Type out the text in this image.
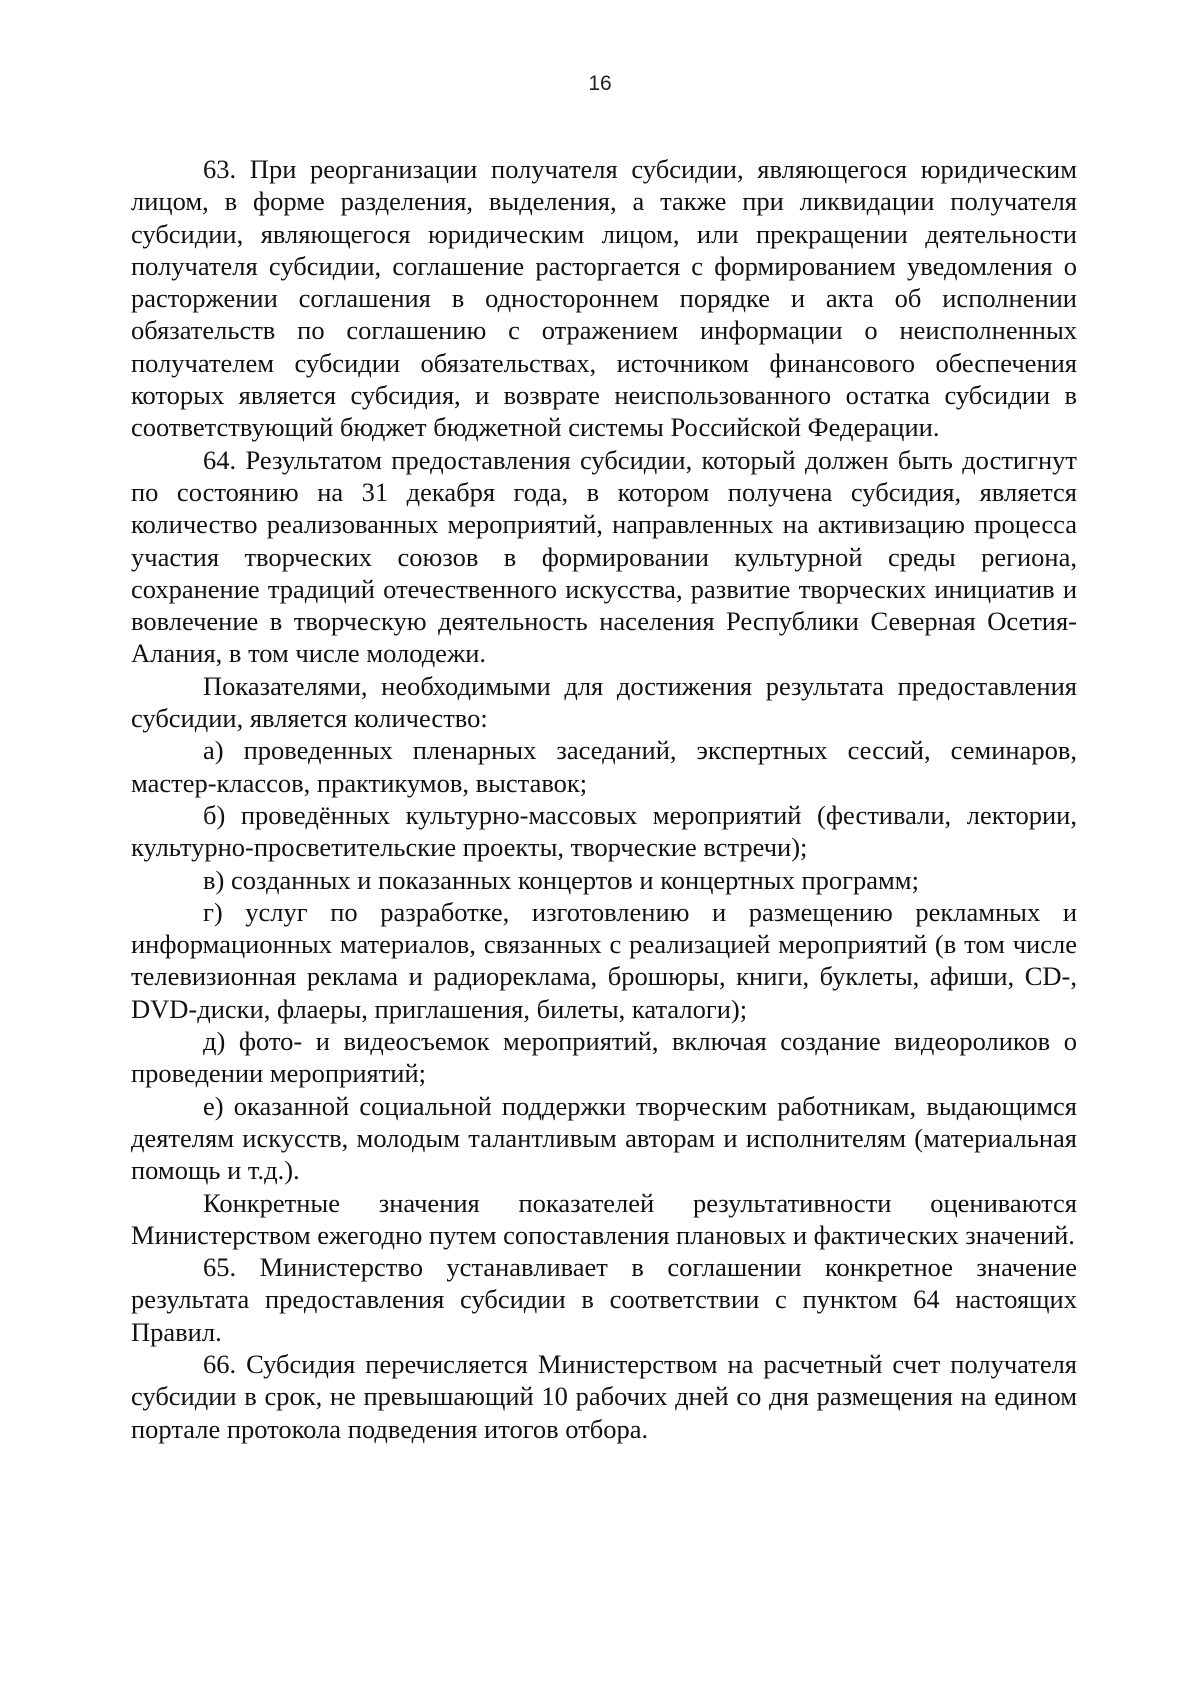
16

63. При реорганизации получателя субсидии, являющегося юридическим лицом, в форме разделения, выделения, а также при ликвидации получателя субсидии, являющегося юридическим лицом, или прекращении деятельности получателя субсидии, соглашение расторгается с формированием уведомления о расторжении соглашения в одностороннем порядке и акта об исполнении обязательств по соглашению с отражением информации о неисполненных получателем субсидии обязательствах, источником финансового обеспечения которых является субсидия, и возврате неиспользованного остатка субсидии в соответствующий бюджет бюджетной системы Российской Федерации.

64. Результатом предоставления субсидии, который должен быть достигнут по состоянию на 31 декабря года, в котором получена субсидия, является количество реализованных мероприятий, направленных на активизацию процесса участия творческих союзов в формировании культурной среды региона, сохранение традиций отечественного искусства, развитие творческих инициатив и вовлечение в творческую деятельность населения Республики Северная Осетия-Алания, в том числе молодежи.

Показателями, необходимыми для достижения результата предоставления субсидии, является количество:

а) проведенных пленарных заседаний, экспертных сессий, семинаров, мастер-классов, практикумов, выставок;

б) проведённых культурно-массовых мероприятий (фестивали, лектории, культурно-просветительские проекты, творческие встречи);

в) созданных и показанных концертов и концертных программ;

г) услуг по разработке, изготовлению и размещению рекламных и информационных материалов, связанных с реализацией мероприятий (в том числе телевизионная реклама и радиореклама, брошюры, книги, буклеты, афиши, CD-, DVD-диски, флаеры, приглашения, билеты, каталоги);

д) фото- и видеосъемок мероприятий, включая создание видеороликов о проведении мероприятий;

е) оказанной социальной поддержки творческим работникам, выдающимся деятелям искусств, молодым талантливым авторам и исполнителям (материальная помощь и т.д.).

Конкретные значения показателей результативности оцениваются Министерством ежегодно путем сопоставления плановых и фактических значений.

65. Министерство устанавливает в соглашении конкретное значение результата предоставления субсидии в соответствии с пунктом 64 настоящих Правил.

66. Субсидия перечисляется Министерством на расчетный счет получателя субсидии в срок, не превышающий 10 рабочих дней со дня размещения на едином портале протокола подведения итогов отбора.
